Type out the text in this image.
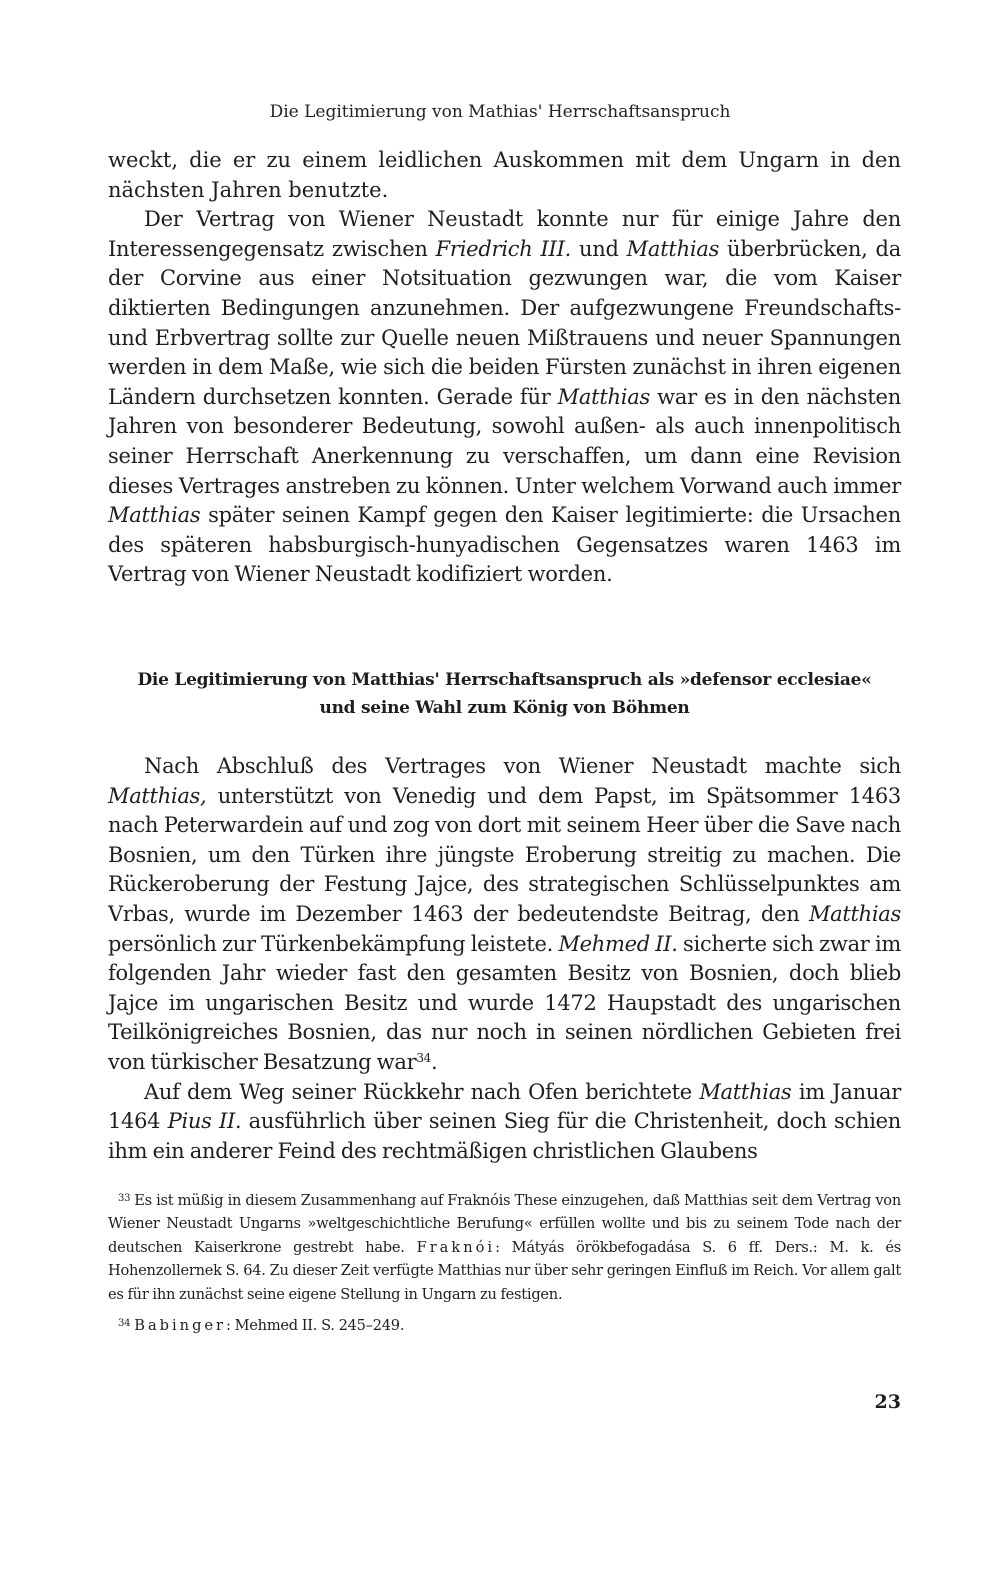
Die Legitimierung von Mathias' Herrschaftsanspruch

weckt, die er zu einem leidlichen Auskommen mit dem Ungarn in den nächsten Jahren benutzte.

Der Vertrag von Wiener Neustadt konnte nur für einige Jahre den Interessengegensatz zwischen Friedrich III. und Matthias überbrücken, da der Corvine aus einer Notsituation gezwungen war, die vom Kaiser diktierten Bedingungen anzunehmen. Der aufgezwungene Freundschafts- und Erbvertrag sollte zur Quelle neuen Mißtrauens und neuer Spannungen werden in dem Maße, wie sich die beiden Fürsten zunächst in ihren eigenen Ländern durchsetzen konnten. Gerade für Matthias war es in den nächsten Jahren von besonderer Bedeutung, sowohl außen- als auch innenpolitisch seiner Herrschaft Anerkennung zu verschaffen, um dann eine Revision dieses Vertrages anstreben zu können. Unter welchem Vorwand auch immer Matthias später seinen Kampf gegen den Kaiser legitimierte: die Ursachen des späteren habsburgisch-hunyadischen Gegensatzes waren 1463 im Vertrag von Wiener Neustadt kodifiziert worden.

Die Legitimierung von Matthias' Herrschaftsanspruch als »defensor ecclesiae«
und seine Wahl zum König von Böhmen

Nach Abschluß des Vertrages von Wiener Neustadt machte sich Matthias, unterstützt von Venedig und dem Papst, im Spätsommer 1463 nach Peterwardein auf und zog von dort mit seinem Heer über die Save nach Bosnien, um den Türken ihre jüngste Eroberung streitig zu machen. Die Rückeroberung der Festung Jajce, des strategischen Schlüsselpunktes am Vrbas, wurde im Dezember 1463 der bedeutendste Beitrag, den Matthias persönlich zur Türkenbekämpfung leistete. Mehmed II. sicherte sich zwar im folgenden Jahr wieder fast den gesamten Besitz von Bosnien, doch blieb Jajce im ungarischen Besitz und wurde 1472 Haupstadt des ungarischen Teilkönigreiches Bosnien, das nur noch in seinen nördlichen Gebieten frei von türkischer Besatzung war$^{34}$.

Auf dem Weg seiner Rückkehr nach Ofen berichtete Matthias im Januar 1464 Pius II. ausführlich über seinen Sieg für die Christenheit, doch schien ihm ein anderer Feind des rechtmäßigen christlichen Glaubens

$^{33}$ Es ist müßig in diesem Zusammenhang auf Fraknóis These einzugehen, daß Matthias seit dem Vertrag von Wiener Neustadt Ungarns »weltgeschichtliche Berufung« erfüllen wollte und bis zu seinem Tode nach der deutschen Kaiserkrone gestrebt habe. Fraknói: Mátyás örökbefogadása S. 6 ff. Ders.: M. k. és Hohenzollernek S. 64. Zu dieser Zeit verfügte Matthias nur über sehr geringen Einfluß im Reich. Vor allem galt es für ihn zunächst seine eigene Stellung in Ungarn zu festigen.

$^{34}$ Babinger: Mehmed II. S. 245–249.

23
